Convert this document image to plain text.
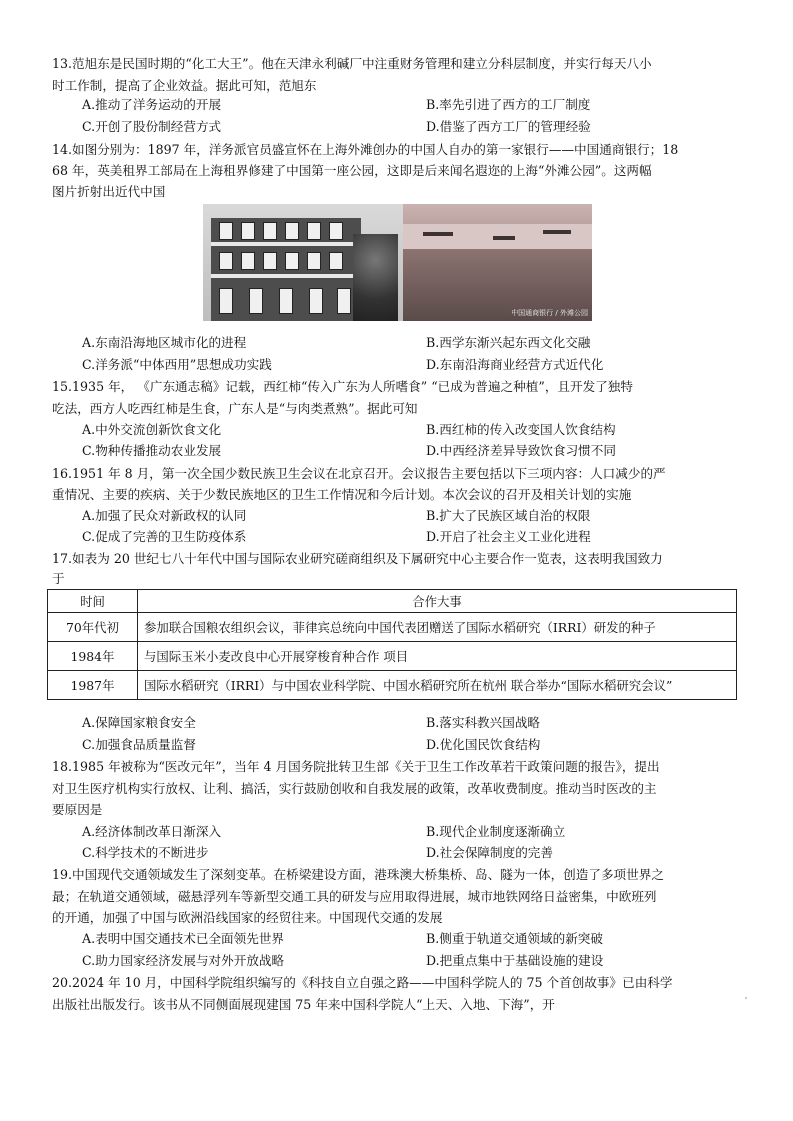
13.范旭东是民国时期的“化工大王”。他在天津永利碱厂中注重财务管理和建立分科层制度，并实行每天八小
时工作制，提高了企业效益。据此可知，范旭东
A.推动了洋务运动的开展	B.率先引进了西方的工厂制度
C.开创了股份制经营方式	D.借鉴了西方工厂的管理经验
14.如图分别为：1897 年，洋务派官员盛宣怀在上海外滩创办的中国人自办的第一家银行——中国通商银行；18
68 年，英美租界工部局在上海租界修建了中国第一座公园，这即是后来闻名遐迩的上海“外滩公园”。这两幅
图片折射出近代中国
中国通商银行 / 外滩公园
A.东南沿海地区城市化的进程	B.西学东渐兴起东西文化交融
C.洋务派“中体西用”思想成功实践	D.东南沿海商业经营方式近代化
15.1935 年， 《广东通志稿》记载，西红柿“传入广东为人所嗜食” “已成为普遍之种植”，且开发了独特
吃法，西方人吃西红柿是生食，广东人是“与肉类煮熟”。据此可知
A.中外交流创新饮食文化	B.西红柿的传入改变国人饮食结构
C.物种传播推动农业发展	D.中西经济差异导致饮食习惯不同
16.1951 年 8 月，第一次全国少数民族卫生会议在北京召开。会议报告主要包括以下三项内容：人口减少的严
重情况、主要的疾病、关于少数民族地区的卫生工作情况和今后计划。本次会议的召开及相关计划的实施
A.加强了民众对新政权的认同	B.扩大了民族区域自治的权限
C.促成了完善的卫生防疫体系	D.开启了社会主义工业化进程
17.如表为 20 世纪七八十年代中国与国际农业研究磋商组织及下属研究中心主要合作一览表，这表明我国致力
于
时间	合作大事
70年代初	参加联合国粮农组织会议，菲律宾总统向中国代表团赠送了国际水稻研究（IRRI）研发的种子
1984年	与国际玉米小麦改良中心开展穿梭育种合作 项目
1987年	国际水稻研究（IRRI）与中国农业科学院、中国水稻研究所在杭州 联合举办“国际水稻研究会议”
A.保障国家粮食安全	B.落实科教兴国战略
C.加强食品质量监督	D.优化国民饮食结构
18.1985 年被称为“医改元年”，当年 4 月国务院批转卫生部《关于卫生工作改革若干政策问题的报告》，提出
对卫生医疗机构实行放权、让利、搞活，实行鼓励创收和自我发展的政策，改革收费制度。推动当时医改的主
要原因是
A.经济体制改革日渐深入	B.现代企业制度逐渐确立
C.科学技术的不断进步	D.社会保障制度的完善
19.中国现代交通领域发生了深刻变革。在桥梁建设方面，港珠澳大桥集桥、岛、隧为一体，创造了多项世界之
最；在轨道交通领域，磁悬浮列车等新型交通工具的研发与应用取得进展，城市地铁网络日益密集，中欧班列
的开通，加强了中国与欧洲沿线国家的经贸往来。中国现代交通的发展
A.表明中国交通技术已全面领先世界	B.侧重于轨道交通领域的新突破
C.助力国家经济发展与对外开放战略	D.把重点集中于基础设施的建设
20.2024 年 10 月，中国科学院组织编写的《科技自立自强之路——中国科学院人的 75 个首创故事》已由科学
出版社出版发行。该书从不同侧面展现建国 75 年来中国科学院人“上天、入地、下海”，开
